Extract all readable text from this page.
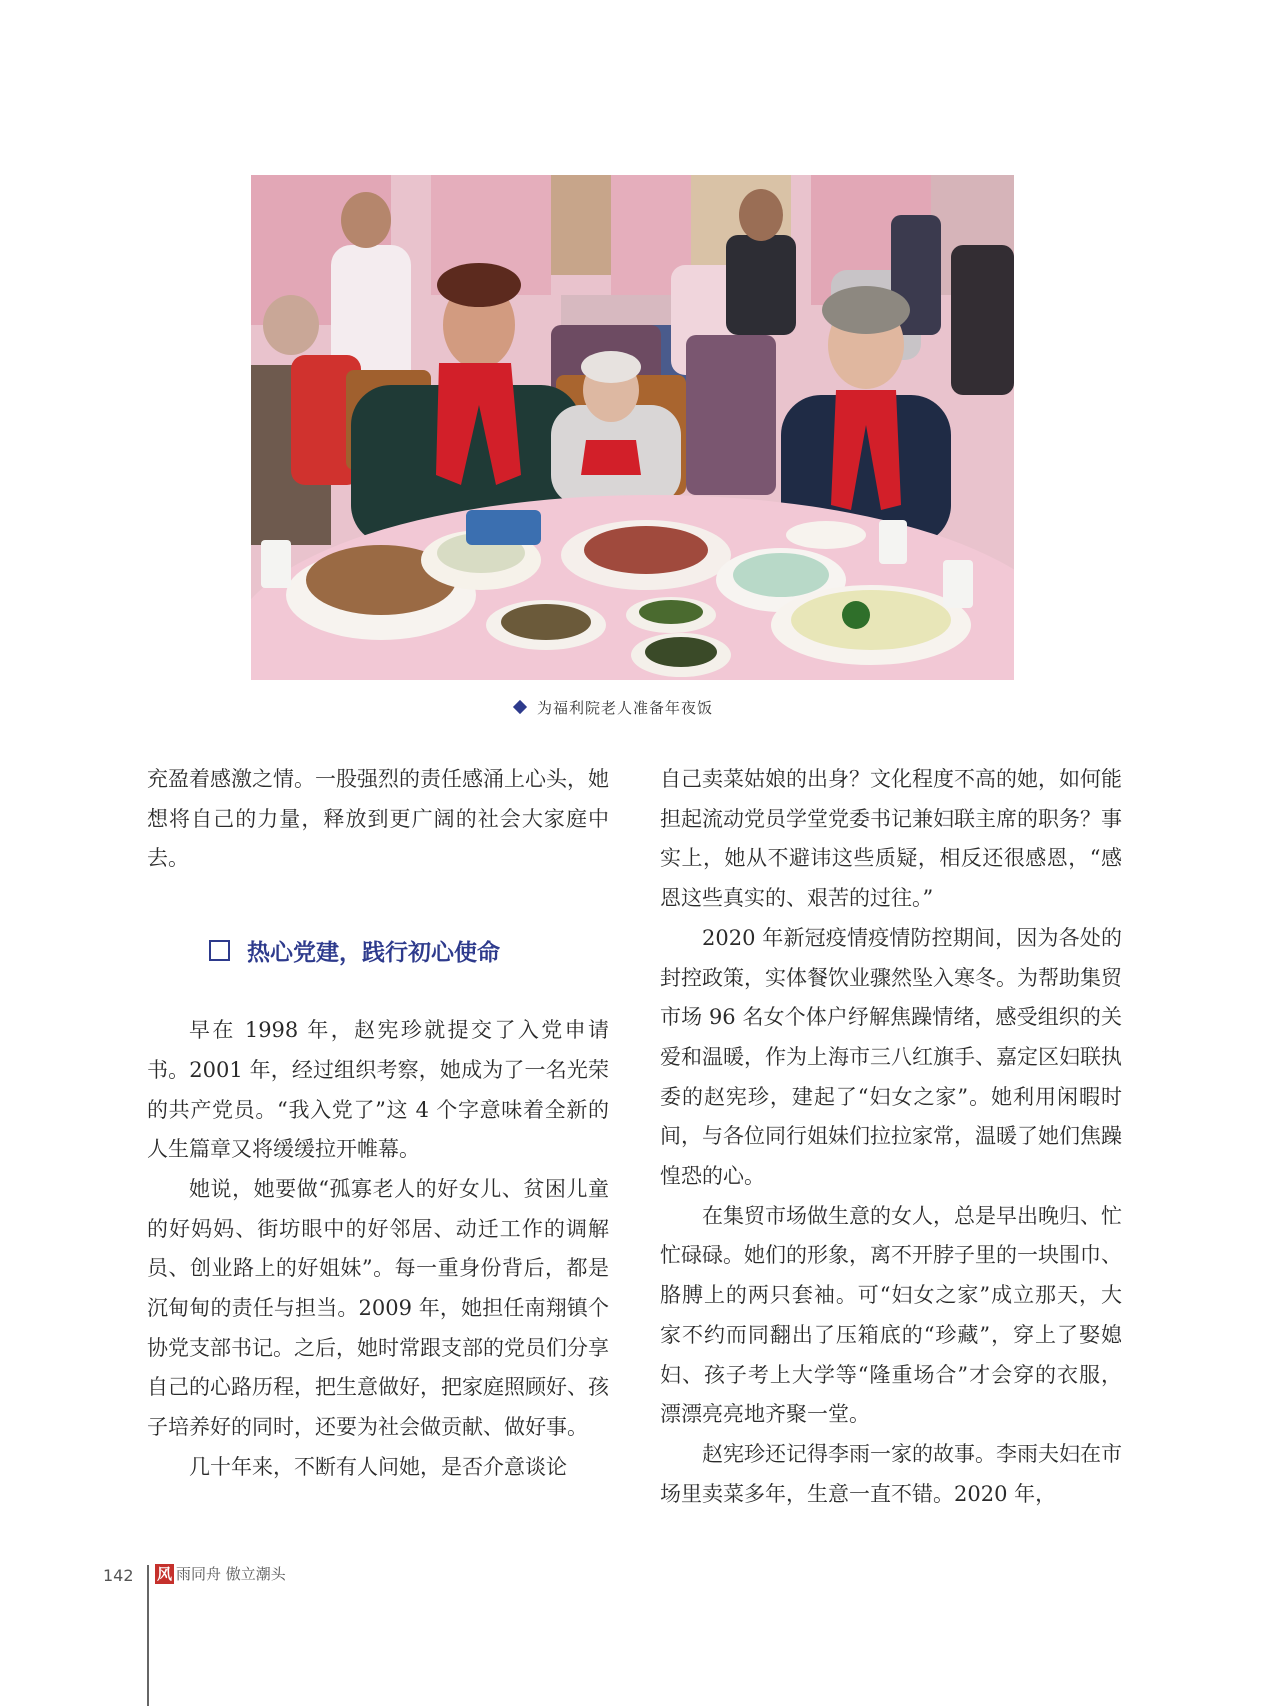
为福利院老人准备年夜饭

充盈着感激之情。一股强烈的责任感涌上心头，她想将自己的力量，释放到更广阔的社会大家庭中去。

热心党建，践行初心使命

早在 1998 年，赵宪珍就提交了入党申请书。2001 年，经过组织考察，她成为了一名光荣的共产党员。“我入党了”这 4 个字意味着全新的人生篇章又将缓缓拉开帷幕。

她说，她要做“孤寡老人的好女儿、贫困儿童的好妈妈、街坊眼中的好邻居、动迁工作的调解员、创业路上的好姐妹”。每一重身份背后，都是沉甸甸的责任与担当。2009 年，她担任南翔镇个协党支部书记。之后，她时常跟支部的党员们分享自己的心路历程，把生意做好，把家庭照顾好、孩子培养好的同时，还要为社会做贡献、做好事。

几十年来，不断有人问她，是否介意谈论

自己卖菜姑娘的出身？文化程度不高的她，如何能担起流动党员学堂党委书记兼妇联主席的职务？事实上，她从不避讳这些质疑，相反还很感恩，“感恩这些真实的、艰苦的过往。”

2020 年新冠疫情疫情防控期间，因为各处的封控政策，实体餐饮业骤然坠入寒冬。为帮助集贸市场 96 名女个体户纾解焦躁情绪，感受组织的关爱和温暖，作为上海市三八红旗手、嘉定区妇联执委的赵宪珍，建起了“妇女之家”。她利用闲暇时间，与各位同行姐妹们拉拉家常，温暖了她们焦躁惶恐的心。

在集贸市场做生意的女人，总是早出晚归、忙忙碌碌。她们的形象，离不开脖子里的一块围巾、胳膊上的两只套袖。可“妇女之家”成立那天，大家不约而同翻出了压箱底的“珍藏”，穿上了娶媳妇、孩子考上大学等“隆重场合”才会穿的衣服，漂漂亮亮地齐聚一堂。

赵宪珍还记得李雨一家的故事。李雨夫妇在市场里卖菜多年，生意一直不错。2020 年，

142 风 雨同舟 傲立潮头
